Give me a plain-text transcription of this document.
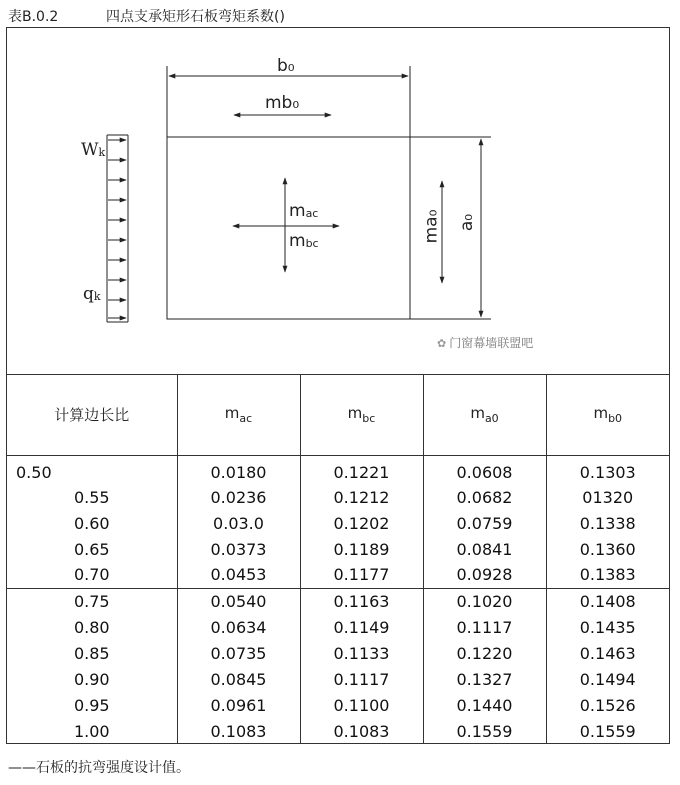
表B.0.2	四点支承矩形石板弯矩系数()
b₀
mb₀
a₀
ma₀
$m_{ac}$
$m_{bc}$
$W_k$
$q_k$
✿ 门窗幕墙联盟吧
计算边长比	$m_{ac}$	$m_{bc}$	$m_{a0}$	$m_{b0}$
0.50	0.0180	0.1221	0.0608	0.1303
0.55	0.0236	0.1212	0.0682	01320
0.60	0.03.0	0.1202	0.0759	0.1338
0.65	0.0373	0.1189	0.0841	0.1360
0.70	0.0453	0.1177	0.0928	0.1383
0.75	0.0540	0.1163	0.1020	0.1408
0.80	0.0634	0.1149	0.1117	0.1435
0.85	0.0735	0.1133	0.1220	0.1463
0.90	0.0845	0.1117	0.1327	0.1494
0.95	0.0961	0.1100	0.1440	0.1526
1.00	0.1083	0.1083	0.1559	0.1559
——石板的抗弯强度设计值。
